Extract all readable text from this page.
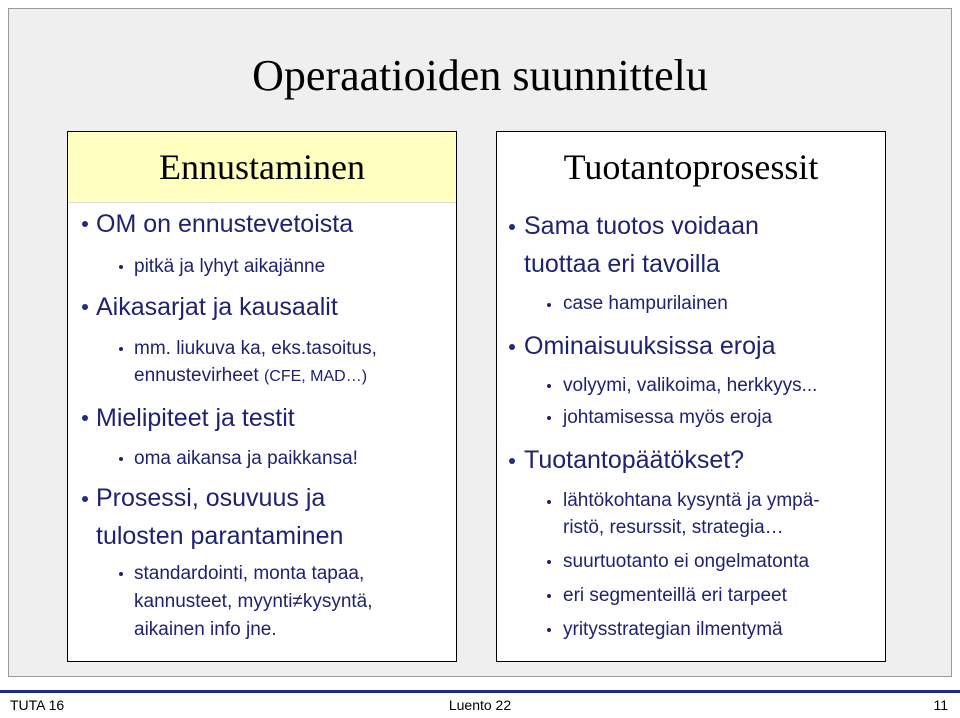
Operaatioiden suunnittelu
Ennustaminen
OM on ennustevetoista
pitkä ja lyhyt aikajänne
Aikasarjat ja kausaalit
mm. liukuva ka, eks.tasoitus,
ennustevirheet (CFE, MAD…)
Mielipiteet ja testit
oma aikansa ja paikkansa!
Prosessi, osuvuus ja
tulosten parantaminen
standardointi, monta tapaa,
kannusteet, myynti≠kysyntä,
aikainen info jne.
Tuotantoprosessit
Sama tuotos voidaan
tuottaa eri tavoilla
case hampurilainen
Ominaisuuksissa eroja
volyymi, valikoima, herkkyys...
johtamisessa myös eroja
Tuotantopäätökset?
lähtökohtana kysyntä ja ympä-
ristö, resurssit, strategia…
suurtuotanto ei ongelmatonta
eri segmenteillä eri tarpeet
yritysstrategian ilmentymä
TUTA 16	Luento 22	11
